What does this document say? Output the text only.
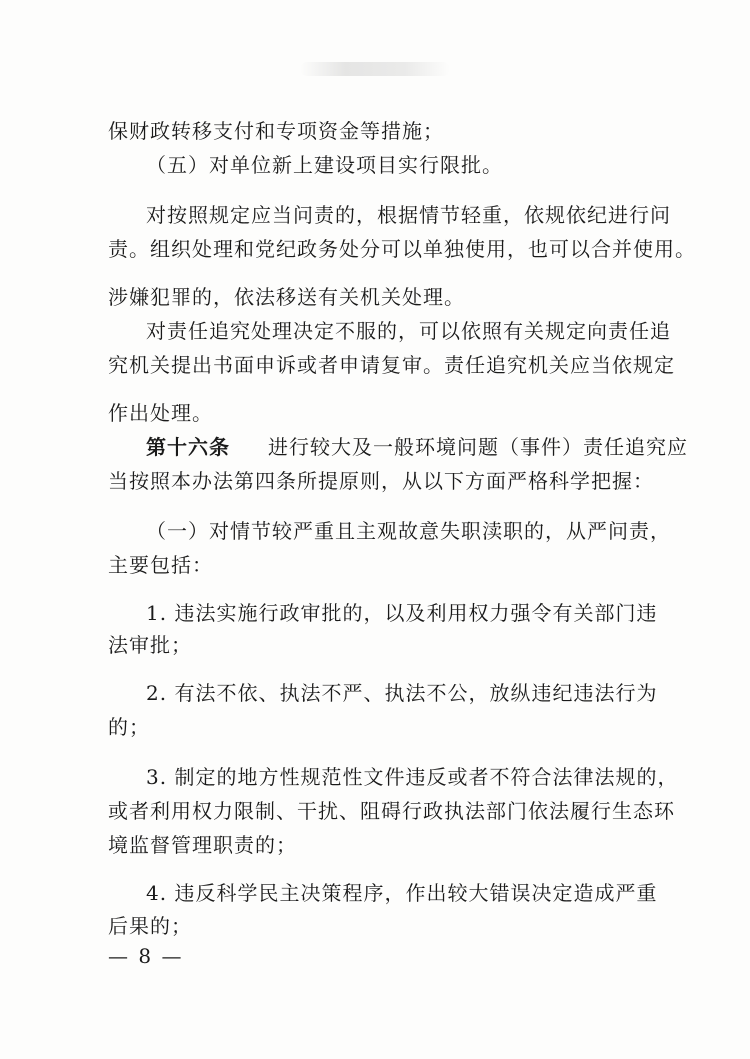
保财政转移支付和专项资金等措施；
（五）对单位新上建设项目实行限批。
对按照规定应当问责的，根据情节轻重，依规依纪进行问
责。组织处理和党纪政务处分可以单独使用，也可以合并使用。
涉嫌犯罪的，依法移送有关机关处理。
对责任追究处理决定不服的，可以依照有关规定向责任追
究机关提出书面申诉或者申请复审。责任追究机关应当依规定
作出处理。
第十六条	进行较大及一般环境问题（事件）责任追究应
当按照本办法第四条所提原则，从以下方面严格科学把握：
（一）对情节较严重且主观故意失职渎职的，从严问责，
主要包括：
1. 违法实施行政审批的，以及利用权力强令有关部门违
法审批；
2. 有法不依、执法不严、执法不公，放纵违纪违法行为
的；
3. 制定的地方性规范性文件违反或者不符合法律法规的，
或者利用权力限制、干扰、阻碍行政执法部门依法履行生态环
境监督管理职责的；
4. 违反科学民主决策程序，作出较大错误决定造成严重
后果的；
— 8 —
